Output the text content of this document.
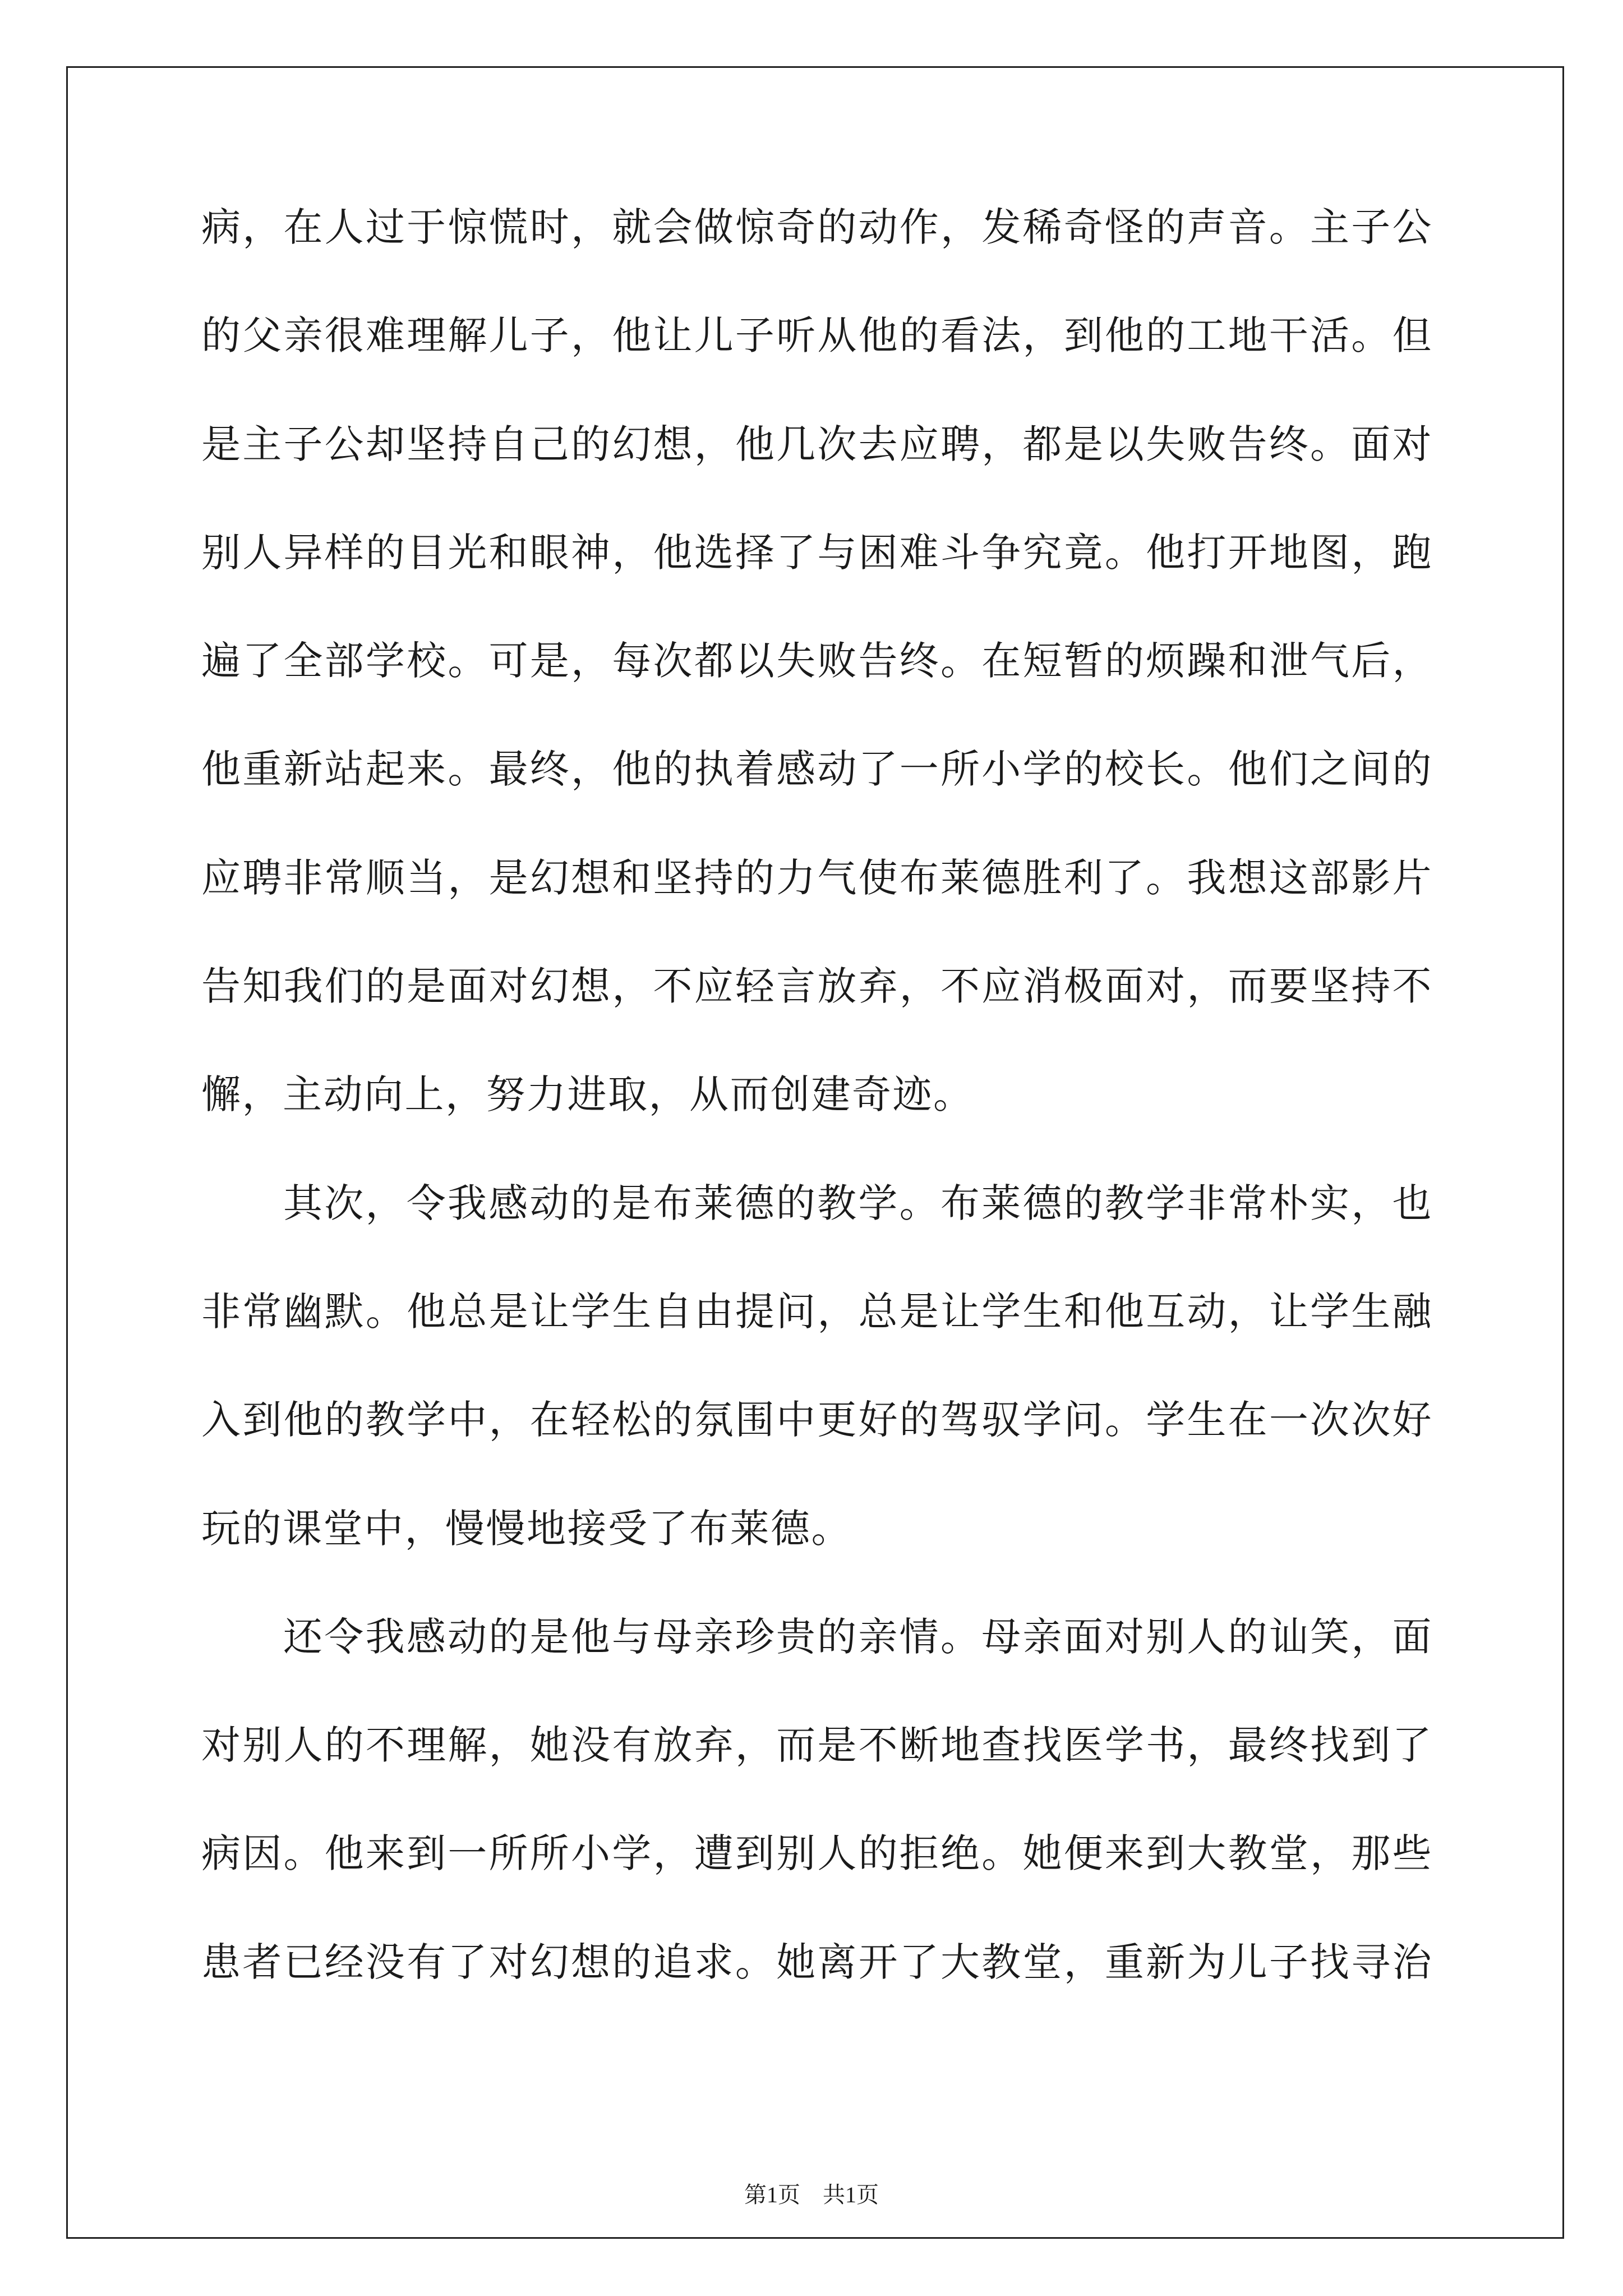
病，在人过于惊慌时，就会做惊奇的动作，发稀奇怪的声音。主子公
的父亲很难理解儿子，他让儿子听从他的看法，到他的工地干活。但
是主子公却坚持自己的幻想，他几次去应聘，都是以失败告终。面对
别人异样的目光和眼神，他选择了与困难斗争究竟。他打开地图，跑
遍了全部学校。可是，每次都以失败告终。在短暂的烦躁和泄气后，
他重新站起来。最终，他的执着感动了一所小学的校长。他们之间的
应聘非常顺当，是幻想和坚持的力气使布莱德胜利了。我想这部影片
告知我们的是面对幻想，不应轻言放弃，不应消极面对，而要坚持不
懈，主动向上，努力进取，从而创建奇迹。
其次，令我感动的是布莱德的教学。布莱德的教学非常朴实，也
非常幽默。他总是让学生自由提问，总是让学生和他互动，让学生融
入到他的教学中，在轻松的氛围中更好的驾驭学问。学生在一次次好
玩的课堂中，慢慢地接受了布莱德。
还令我感动的是他与母亲珍贵的亲情。母亲面对别人的讪笑，面
对别人的不理解，她没有放弃，而是不断地查找医学书，最终找到了
病因。他来到一所所小学，遭到别人的拒绝。她便来到大教堂，那些
患者已经没有了对幻想的追求。她离开了大教堂，重新为儿子找寻治
第1页　共1页
